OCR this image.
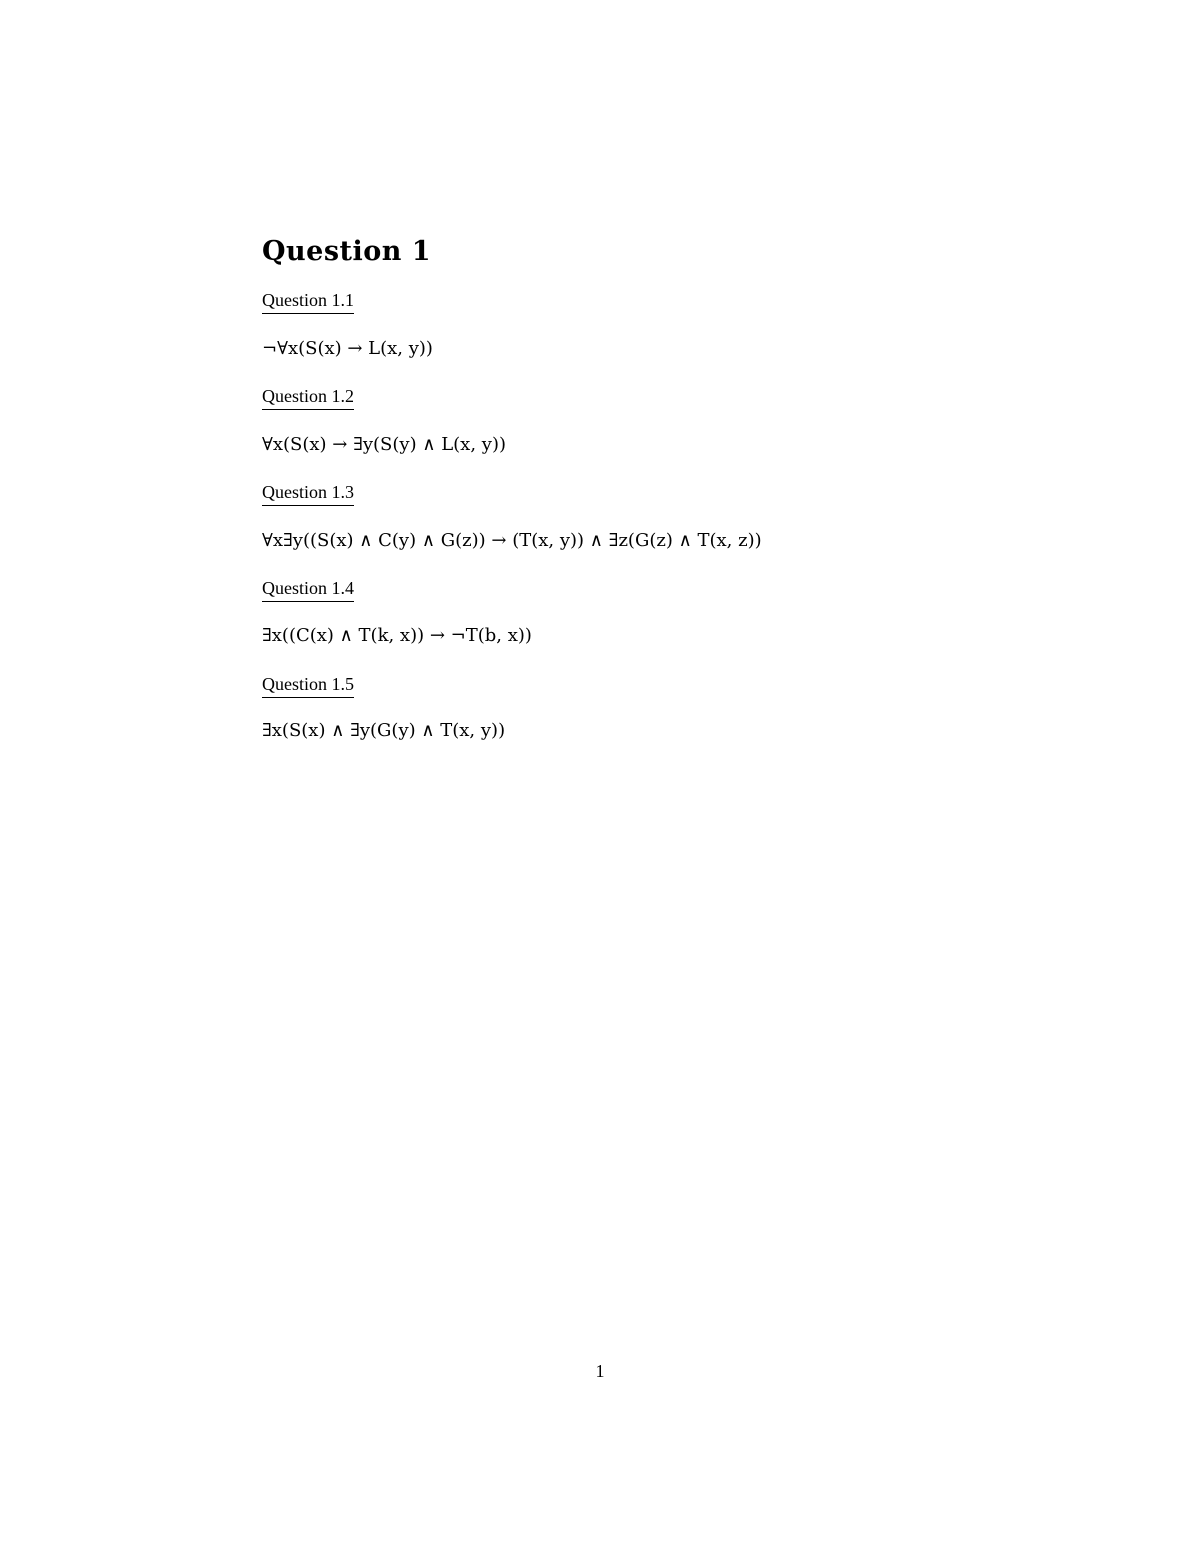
Question 1
Question 1.1
¬∀x(S(x) → L(x, y))
Question 1.2
∀x(S(x) → ∃y(S(y) ∧ L(x, y))
Question 1.3
∀x∃y((S(x) ∧ C(y) ∧ G(z)) → (T(x, y)) ∧ ∃z(G(z) ∧ T(x, z))
Question 1.4
∃x((C(x) ∧ T(k, x)) → ¬T(b, x))
Question 1.5
∃x(S(x) ∧ ∃y(G(y) ∧ T(x, y))
1
